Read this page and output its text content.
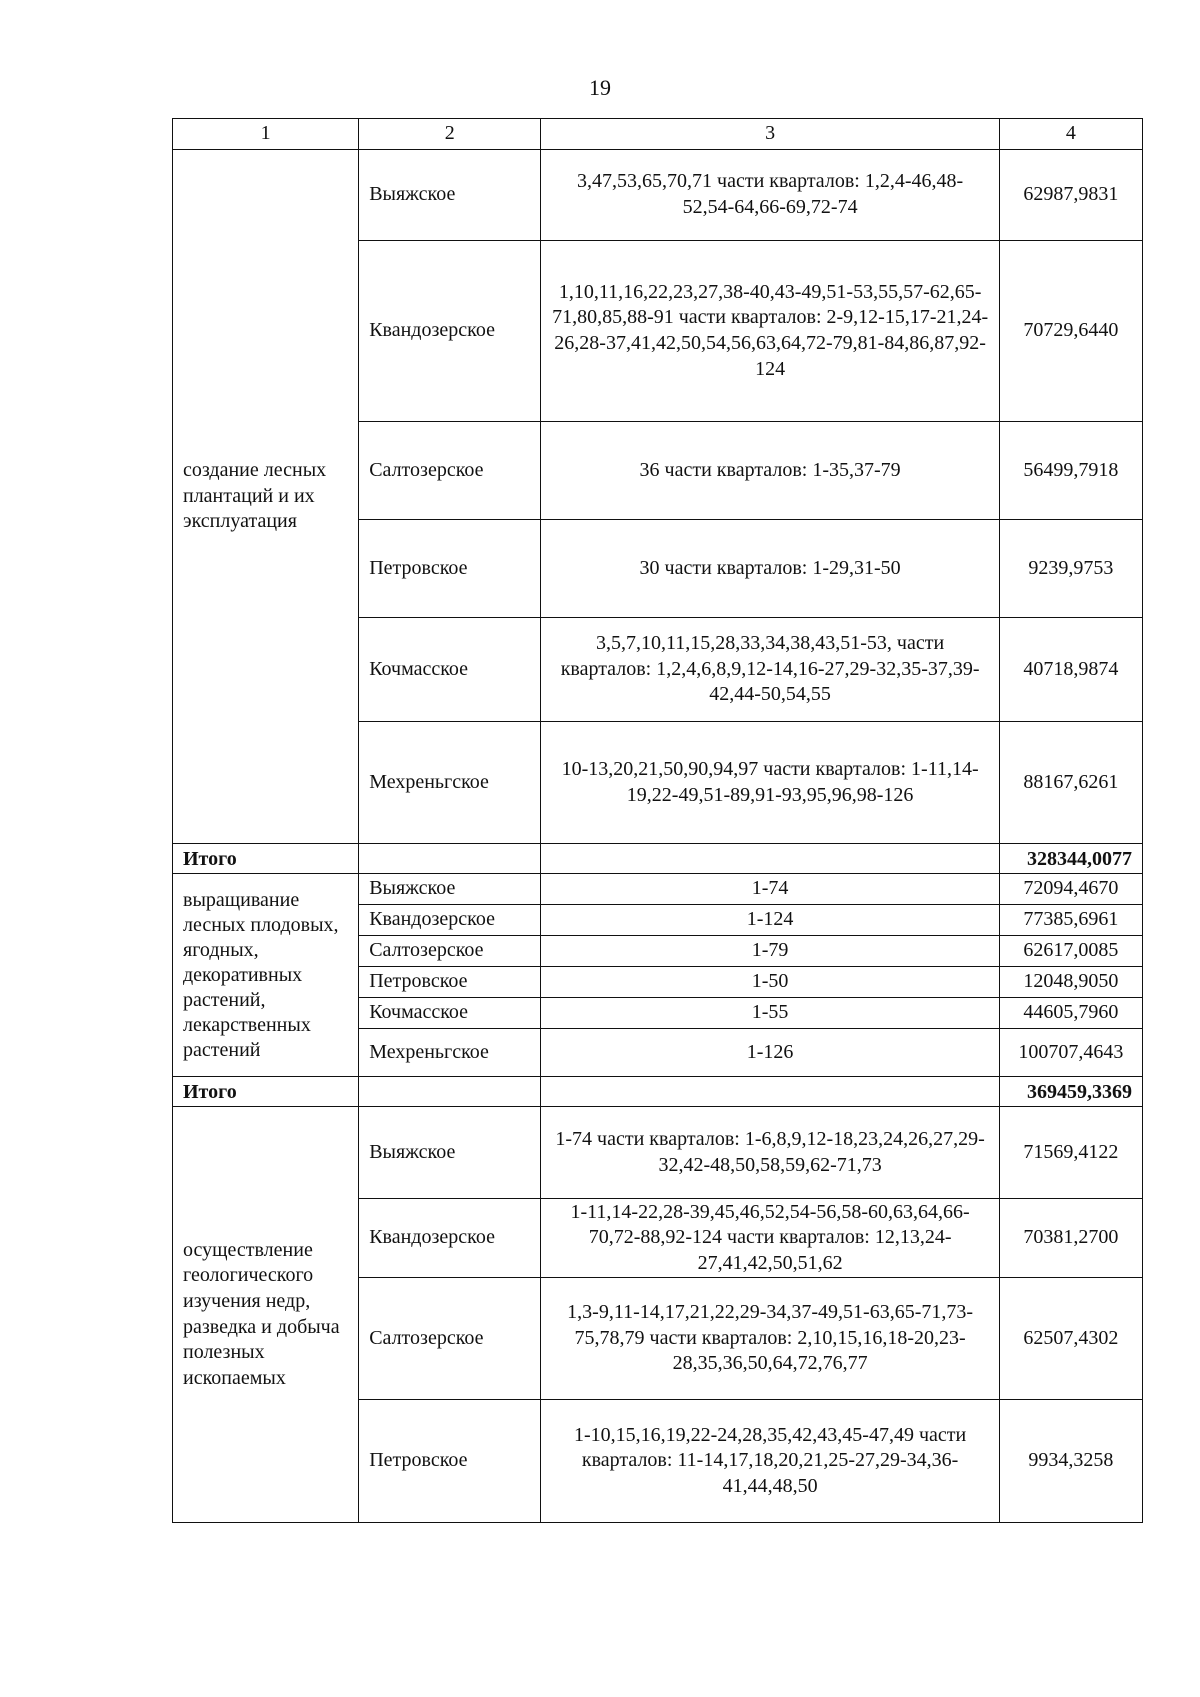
19
1	2	3	4
создание лесных плантаций и их эксплуатация	Выяжское	3,47,53,65,70,71 части кварталов: 1,2,4-46,48-52,54-64,66-69,72-74	62987,9831
	Квандозерское	1,10,11,16,22,23,27,38-40,43-49,51-53,55,57-62,65-71,80,85,88-91 части кварталов: 2-9,12-15,17-21,24-26,28-37,41,42,50,54,56,63,64,72-79,81-84,86,87,92-124	70729,6440
	Салтозерское	36 части кварталов: 1-35,37-79	56499,7918
	Петровское	30 части кварталов: 1-29,31-50	9239,9753
	Кочмасское	3,5,7,10,11,15,28,33,34,38,43,51-53, части кварталов: 1,2,4,6,8,9,12-14,16-27,29-32,35-37,39-42,44-50,54,55	40718,9874
	Мехреньгское	10-13,20,21,50,90,94,97 части кварталов: 1-11,14-19,22-49,51-89,91-93,95,96,98-126	88167,6261
Итого			328344,0077
выращивание лесных плодовых, ягодных, декоративных растений, лекарственных растений	Выяжское	1-74	72094,4670
	Квандозерское	1-124	77385,6961
	Салтозерское	1-79	62617,0085
	Петровское	1-50	12048,9050
	Кочмасское	1-55	44605,7960
	Мехреньгское	1-126	100707,4643
Итого			369459,3369
осуществление геологического изучения недр, разведка и добыча полезных ископаемых	Выяжское	1-74 части кварталов: 1-6,8,9,12-18,23,24,26,27,29-32,42-48,50,58,59,62-71,73	71569,4122
	Квандозерское	1-11,14-22,28-39,45,46,52,54-56,58-60,63,64,66-70,72-88,92-124 части кварталов: 12,13,24-27,41,42,50,51,62	70381,2700
	Салтозерское	1,3-9,11-14,17,21,22,29-34,37-49,51-63,65-71,73-75,78,79 части кварталов: 2,10,15,16,18-20,23-28,35,36,50,64,72,76,77	62507,4302
	Петровское	1-10,15,16,19,22-24,28,35,42,43,45-47,49 части кварталов: 11-14,17,18,20,21,25-27,29-34,36-41,44,48,50	9934,3258
